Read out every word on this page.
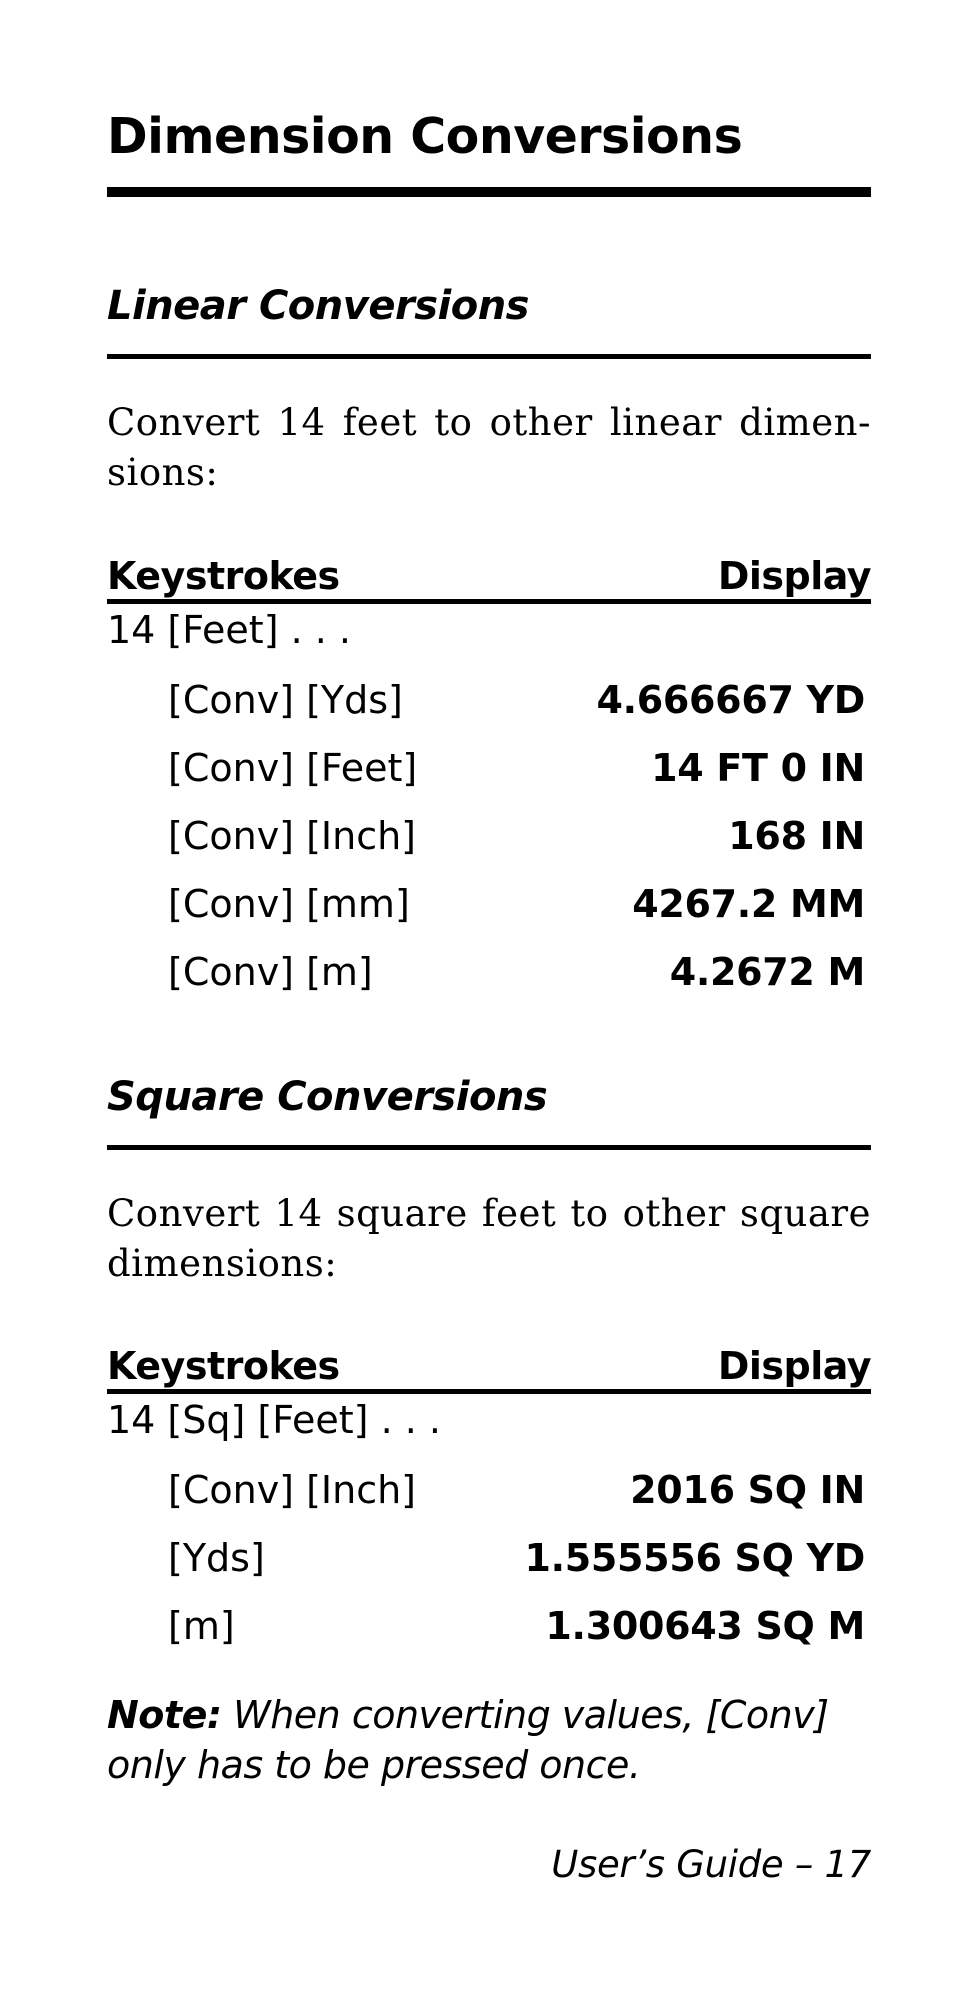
Dimension Conversions
Linear Conversions

Convert 14 feet to other linear dimen-
sions:

Keystrokes	Display
14 [Feet] . . .
[Conv] [Yds]	4.666667 YD
[Conv] [Feet]	14 FT 0 IN
[Conv] [Inch]	168 IN
[Conv] [mm]	4267.2 MM
[Conv] [m]	4.2672 M
Square Conversions

Convert 14 square feet to other square
dimensions:

Keystrokes	Display
14 [Sq] [Feet] . . .
[Conv] [Inch]	2016 SQ IN
[Yds]	1.555556 SQ YD
[m]	1.300643 SQ M

Note: When converting values, [Conv] only has to be pressed once.

User’s Guide – 17
